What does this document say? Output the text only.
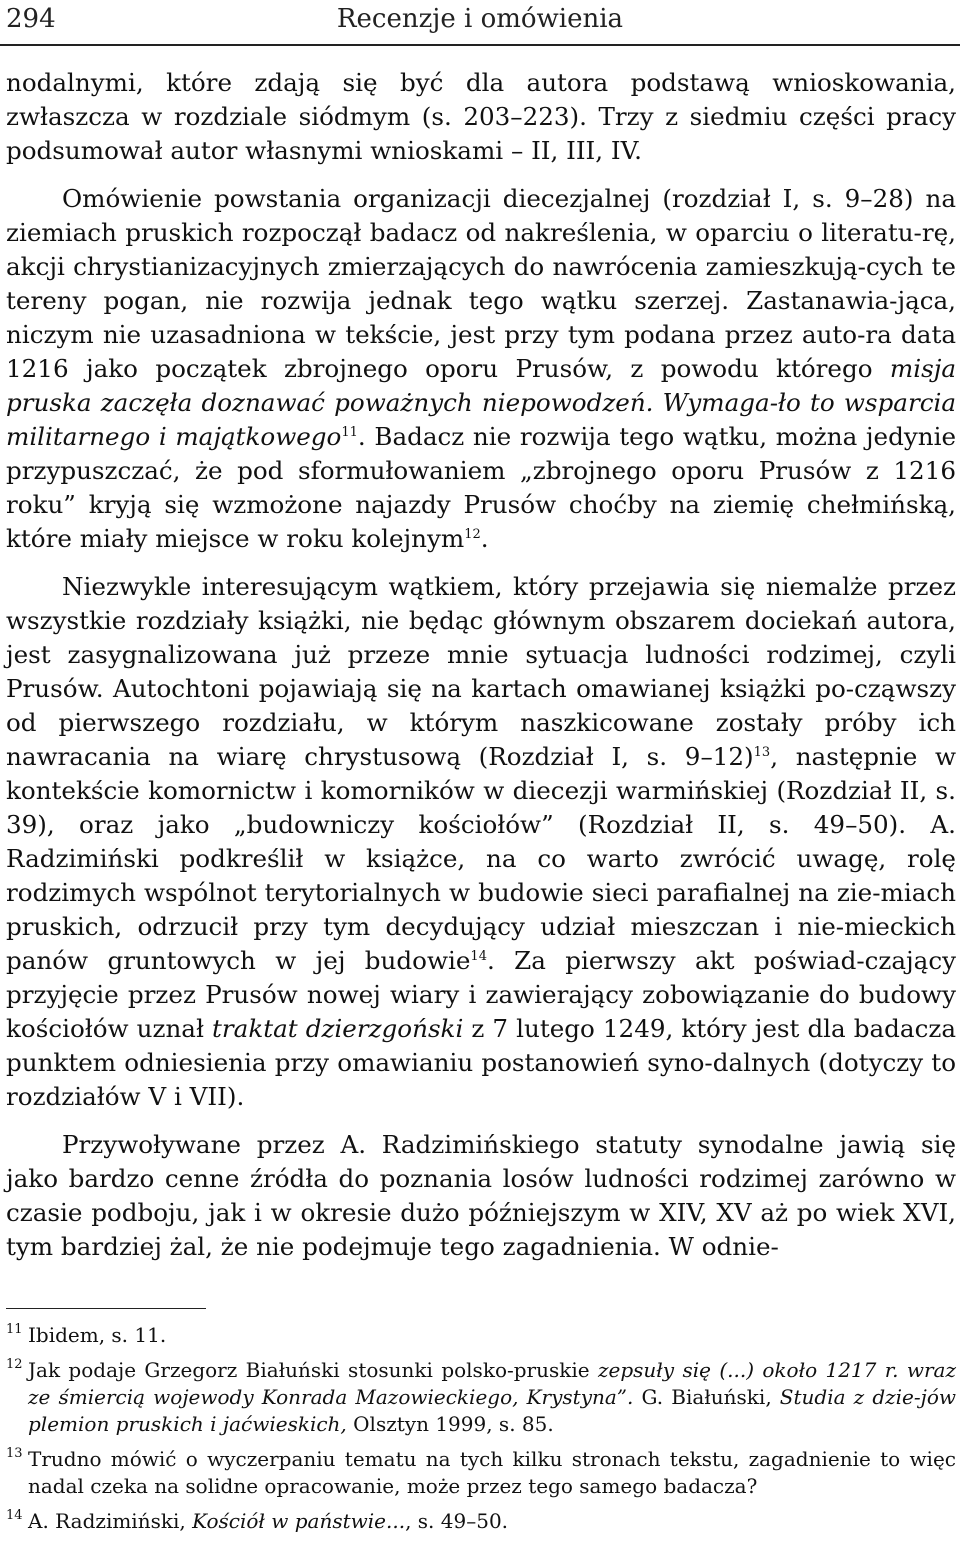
294	Recenzje i omówienia

nodalnymi, które zdają się być dla autora podstawą wnioskowania, zwłaszcza w rozdziale siódmym (s. 203–223). Trzy z siedmiu części pracy podsumował autor własnymi wnioskami – II, III, IV.

Omówienie powstania organizacji diecezjalnej (rozdział I, s. 9–28) na ziemiach pruskich rozpoczął badacz od nakreślenia, w oparciu o literatu-rę, akcji chrystianizacyjnych zmierzających do nawrócenia zamieszkują-cych te tereny pogan, nie rozwija jednak tego wątku szerzej. Zastanawia-jąca, niczym nie uzasadniona w tekście, jest przy tym podana przez auto-ra data 1216 jako początek zbrojnego oporu Prusów, z powodu którego misja pruska zaczęła doznawać poważnych niepowodzeń. Wymaga-ło to wsparcia militarnego i majątkowego$^{11}$. Badacz nie rozwija tego wątku, można jedynie przypuszczać, że pod sformułowaniem „zbrojnego oporu Prusów z 1216 roku” kryją się wzmożone najazdy Prusów choćby na ziemię chełmińską, które miały miejsce w roku kolejnym$^{12}$.

Niezwykle interesującym wątkiem, który przejawia się niemalże przez wszystkie rozdziały książki, nie będąc głównym obszarem dociekań autora, jest zasygnalizowana już przeze mnie sytuacja ludności rodzimej, czyli Prusów. Autochtoni pojawiają się na kartach omawianej książki po-cząwszy od pierwszego rozdziału, w którym naszkicowane zostały próby ich nawracania na wiarę chrystusową (Rozdział I, s. 9–12)$^{13}$, następnie w kontekście komornictw i komorników w diecezji warmińskiej (Rozdział II, s. 39), oraz jako „budowniczy kościołów” (Rozdział II, s. 49–50). A. Radzimiński podkreślił w książce, na co warto zwrócić uwagę, rolę rodzimych wspólnot terytorialnych w budowie sieci parafialnej na zie-miach pruskich, odrzucił przy tym decydujący udział mieszczan i nie-mieckich panów gruntowych w jej budowie$^{14}$. Za pierwszy akt poświad-czający przyjęcie przez Prusów nowej wiary i zawierający zobowiązanie do budowy kościołów uznał traktat dzierzgoński z 7 lutego 1249, który jest dla badacza punktem odniesienia przy omawianiu postanowień syno-dalnych (dotyczy to rozdziałów V i VII).

Przywoływane przez A. Radzimińskiego statuty synodalne jawią się jako bardzo cenne źródła do poznania losów ludności rodzimej zarówno w czasie podboju, jak i w okresie dużo późniejszym w XIV, XV aż po wiek XVI, tym bardziej żal, że nie podejmuje tego zagadnienia. W odnie-

11 Ibidem, s. 11.

12 Jak podaje Grzegorz Białuński stosunki polsko-pruskie zepsuły się (...) około 1217 r. wraz ze śmiercią wojewody Konrada Mazowieckiego, Krystyna”. G. Białuński, Studia z dzie-jów plemion pruskich i jaćwieskich, Olsztyn 1999, s. 85.

13 Trudno mówić o wyczerpaniu tematu na tych kilku stronach tekstu, zagadnienie to więc nadal czeka na solidne opracowanie, może przez tego samego badacza?

14 A. Radzimiński, Kościół w państwie..., s. 49–50.
